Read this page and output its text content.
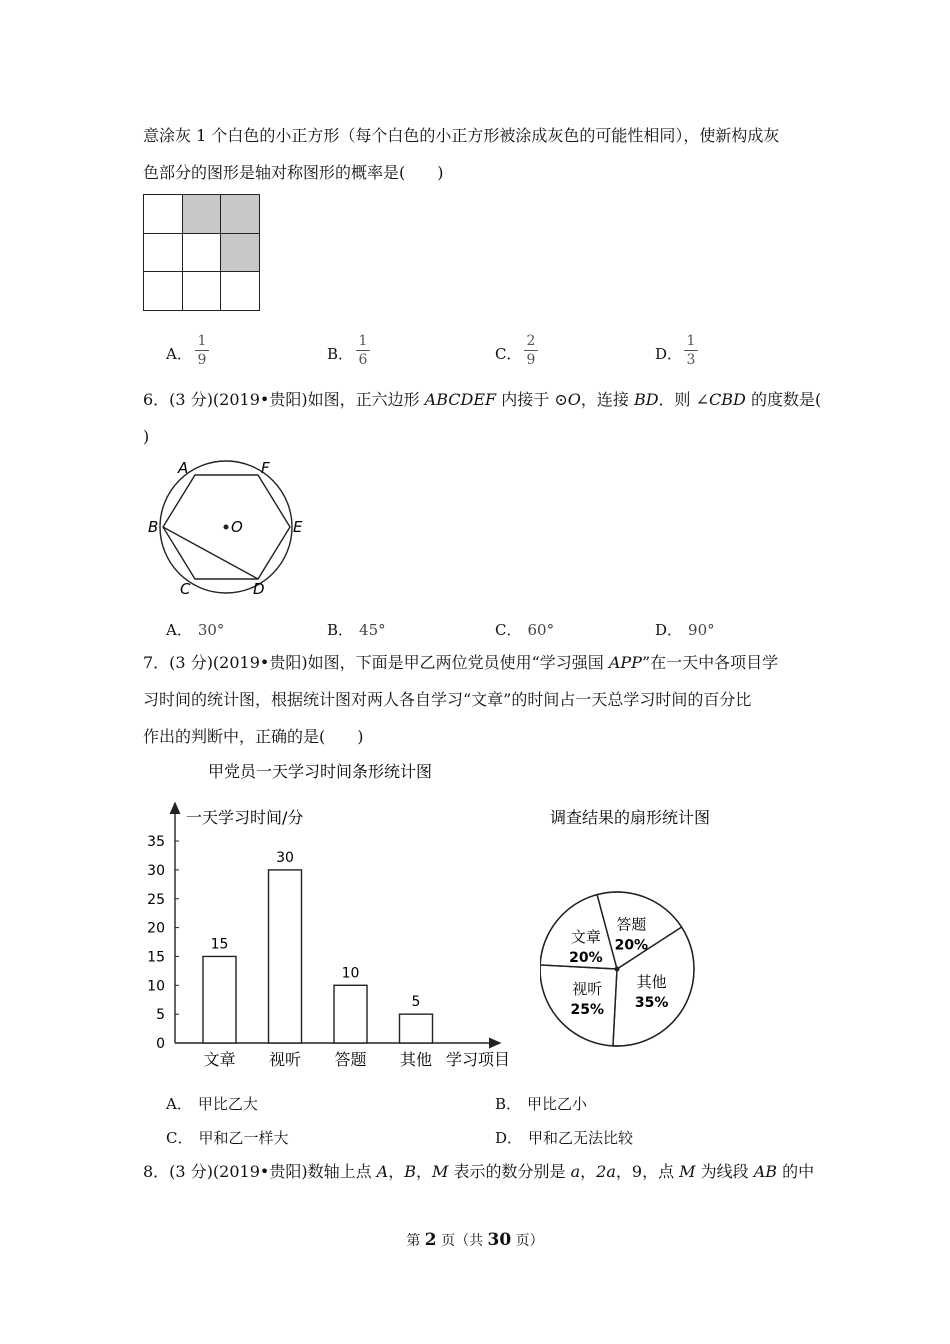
意涂灰 1 个白色的小正方形（每个白色的小正方形被涂成灰色的可能性相同），使新构成灰
色部分的图形是轴对称图形的概率是(　　)
A．
1
9	B．
1
6	C．
2
9	D．
1
3
6．(3 分)(2019•贵阳)如图，正六边形 ABCDEF 内接于 ⊙O，连接 BD．则 ∠CBD 的度数是(
)
A	F
B	E
C	D
O
A． 30°	B． 45°	C． 60°	D． 90°
7．(3 分)(2019•贵阳)如图，下面是甲乙两位党员使用“学习强国 APP”在一天中各项目学
习时间的统计图，根据统计图对两人各自学习“文章”的时间占一天总学习时间的百分比
作出的判断中，正确的是(　　)
甲党员一天学习时间条形统计图
一天学习时间/分
学习项目
0
5
10
15
20
25
30
35
15
文章
30
视听
10
答题
5
其他
调查结果的扇形统计图
答题
20%
其他
35%
视听
25%
文章
20%
A． 甲比乙大	B． 甲比乙小
C． 甲和乙一样大	D． 甲和乙无法比较
8．(3 分)(2019•贵阳)数轴上点 A，B，M 表示的数分别是 a，2a，9，点 M 为线段 AB 的中
第 2 页（共 30 页）
